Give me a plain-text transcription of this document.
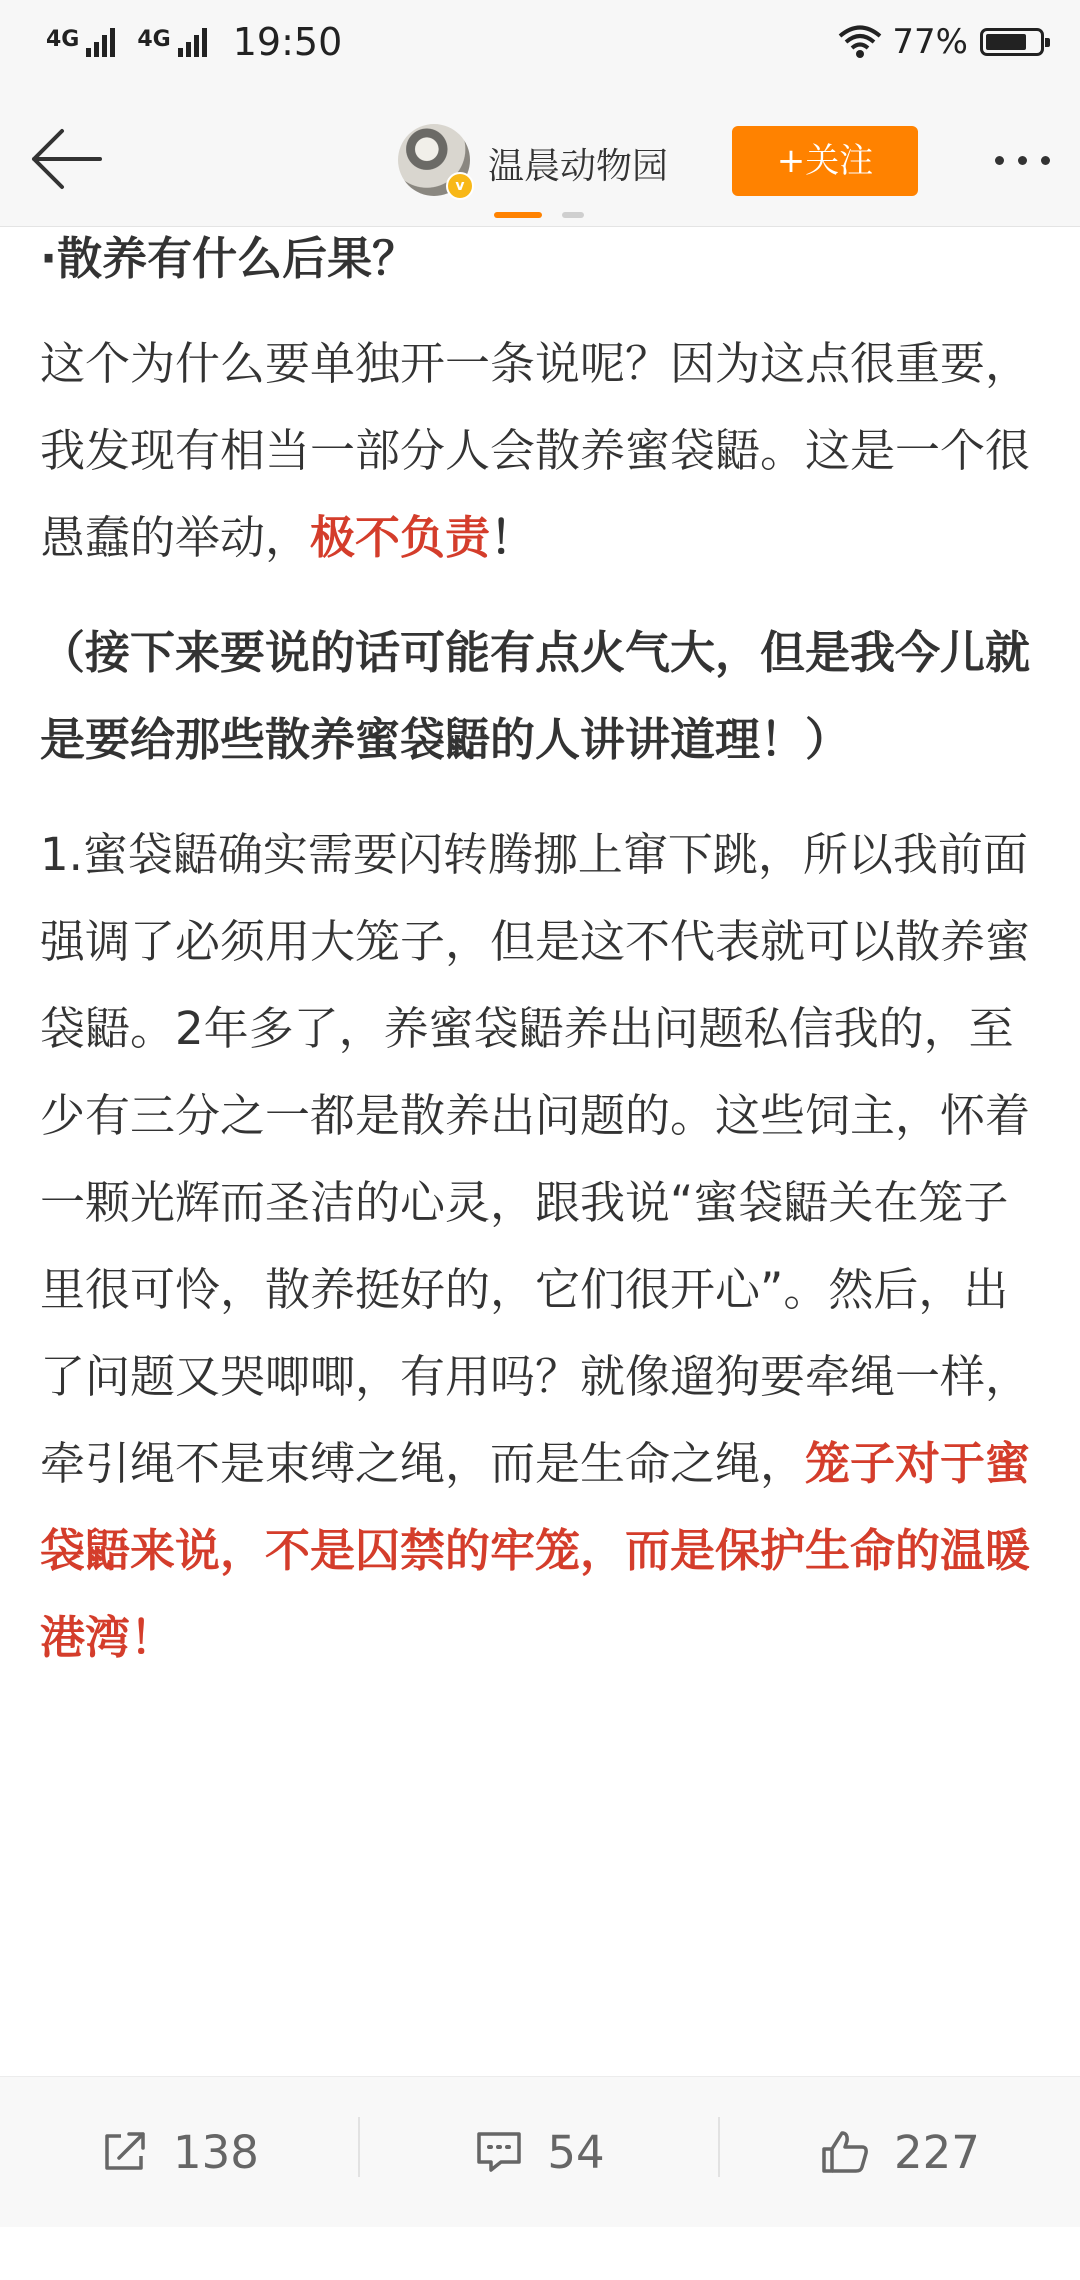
4G	4G 19:50	77%
v 温晨动物园	+关注

·散养有什么后果？

这个为什么要单独开一条说呢？因为这点很重要，我发现有相当一部分人会散养蜜袋鼯。这是一个很愚蠢的举动，极不负责！

（接下来要说的话可能有点火气大，但是我今儿就是要给那些散养蜜袋鼯的人讲讲道理！）

1.蜜袋鼯确实需要闪转腾挪上窜下跳，所以我前面强调了必须用大笼子，但是这不代表就可以散养蜜袋鼯。2年多了，养蜜袋鼯养出问题私信我的，至少有三分之一都是散养出问题的。这些饲主，怀着一颗光辉而圣洁的心灵，跟我说“蜜袋鼯关在笼子里很可怜，散养挺好的，它们很开心”。然后，出了问题又哭唧唧，有用吗？就像遛狗要牵绳一样，牵引绳不是束缚之绳，而是生命之绳，笼子对于蜜袋鼯来说，不是囚禁的牢笼，而是保护生命的温暖港湾！

138	54	227
